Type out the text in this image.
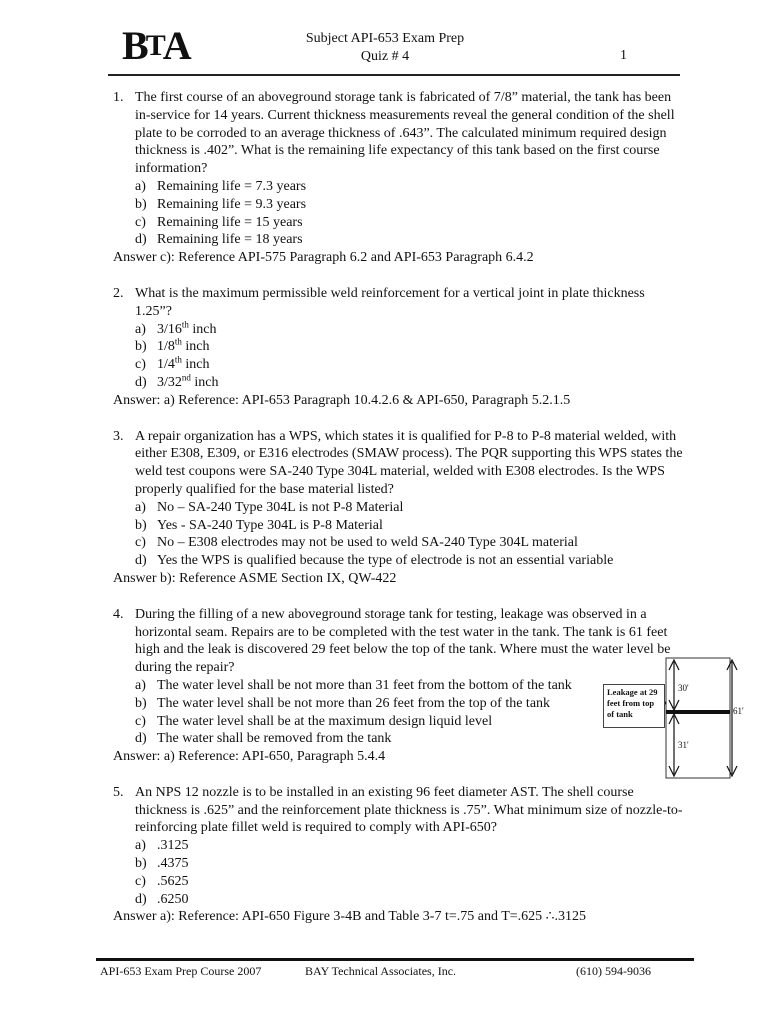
BTA	Subject API-653 Exam Prep
Quiz # 4	1
1. The first course of an aboveground storage tank is fabricated of 7/8” material, the tank has been in-service for 14 years. Current thickness measurements reveal the general condition of the shell plate to be corroded to an average thickness of .643”. The calculated minimum required design thickness is .402”. What is the remaining life expectancy of this tank based on the first course information?
a) Remaining life = 7.3 years
b) Remaining life = 9.3 years
c) Remaining life = 15 years
d) Remaining life = 18 years
Answer c): Reference API-575 Paragraph 6.2 and API-653 Paragraph 6.4.2
2. What is the maximum permissible weld reinforcement for a vertical joint in plate thickness 1.25”?
a) 3/16th inch
b) 1/8th inch
c) 1/4th inch
d) 3/32nd inch
Answer: a) Reference: API-653 Paragraph 10.4.2.6 & API-650, Paragraph 5.2.1.5
3. A repair organization has a WPS, which states it is qualified for P-8 to P-8 material welded, with either E308, E309, or E316 electrodes (SMAW process). The PQR supporting this WPS states the weld test coupons were SA-240 Type 304L material, welded with E308 electrodes. Is the WPS properly qualified for the base material listed?
a) No – SA-240 Type 304L is not P-8 Material
b) Yes - SA-240 Type 304L is P-8 Material
c) No – E308 electrodes may not be used to weld SA-240 Type 304L material
d) Yes the WPS is qualified because the type of electrode is not an essential variable
Answer b): Reference ASME Section IX, QW-422
4. During the filling of a new aboveground storage tank for testing, leakage was observed in a horizontal seam. Repairs are to be completed with the test water in the tank. The tank is 61 feet high and the leak is discovered 29 feet below the top of the tank. Where must the water level be during the repair?
a) The water level shall be not more than 31 feet from the bottom of the tank
b) The water level shall be not more than 26 feet from the top of the tank
c) The water level shall be at the maximum design liquid level
d) The water shall be removed from the tank
Answer: a) Reference: API-650, Paragraph 5.4.4
5. An NPS 12 nozzle is to be installed in an existing 96 feet diameter AST. The shell course thickness is .625” and the reinforcement plate thickness is .75”. What minimum size of nozzle-to-reinforcing plate fillet weld is required to comply with API-650?
a) .3125
b) .4375
c) .5625
d) .6250
Answer a): Reference: API-650 Figure 3-4B and Table 3-7 t=.75 and T=.625 ∴.3125
Leakage at 29 feet from top of tank
30'
31'
61'
API-653 Exam Prep Course 2007	BAY Technical Associates, Inc.	(610) 594-9036
